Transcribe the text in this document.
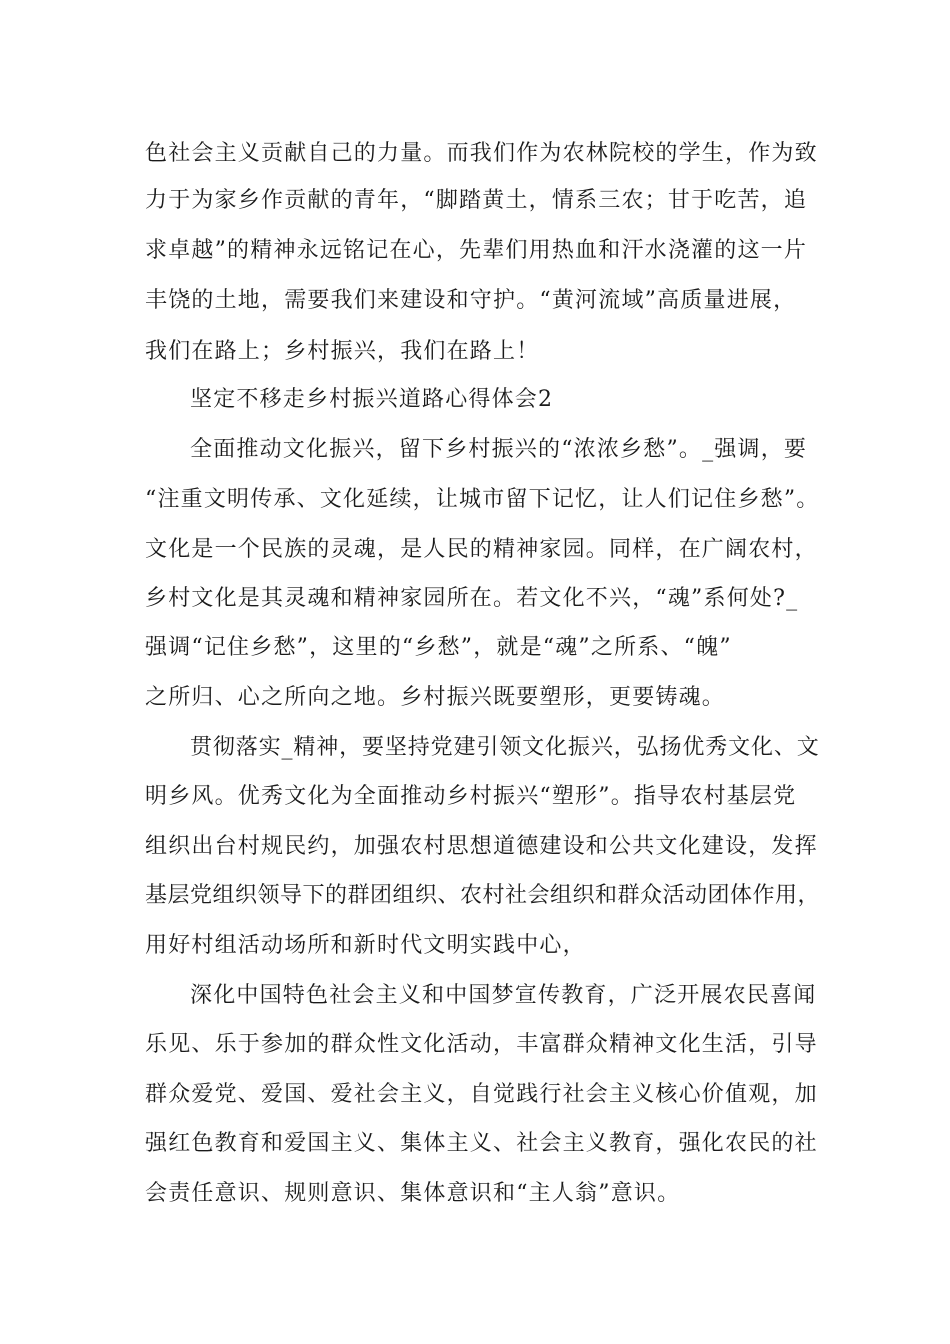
色社会主义贡献自己的力量。而我们作为农林院校的学生，作为致
力于为家乡作贡献的青年，“脚踏黄土，情系三农；甘于吃苦，追
求卓越”的精神永远铭记在心，先辈们用热血和汗水浇灌的这一片
丰饶的土地，需要我们来建设和守护。“黄河流域”高质量进展，
我们在路上；乡村振兴，我们在路上！
坚定不移走乡村振兴道路心得体会2
全面推动文化振兴，留下乡村振兴的“浓浓乡愁”。_强调，要
“注重文明传承、文化延续，让城市留下记忆，让人们记住乡愁”。
文化是一个民族的灵魂，是人民的精神家园。同样，在广阔农村，
乡村文化是其灵魂和精神家园所在。若文化不兴，“魂”系何处?_
强调“记住乡愁”，这里的“乡愁”，就是“魂”之所系、“魄”
之所归、心之所向之地。乡村振兴既要塑形，更要铸魂。
贯彻落实_精神，要坚持党建引领文化振兴，弘扬优秀文化、文
明乡风。优秀文化为全面推动乡村振兴“塑形”。指导农村基层党
组织出台村规民约，加强农村思想道德建设和公共文化建设，发挥
基层党组织领导下的群团组织、农村社会组织和群众活动团体作用，
用好村组活动场所和新时代文明实践中心，
深化中国特色社会主义和中国梦宣传教育，广泛开展农民喜闻
乐见、乐于参加的群众性文化活动，丰富群众精神文化生活，引导
群众爱党、爱国、爱社会主义，自觉践行社会主义核心价值观，加
强红色教育和爱国主义、集体主义、社会主义教育，强化农民的社
会责任意识、规则意识、集体意识和“主人翁”意识。
